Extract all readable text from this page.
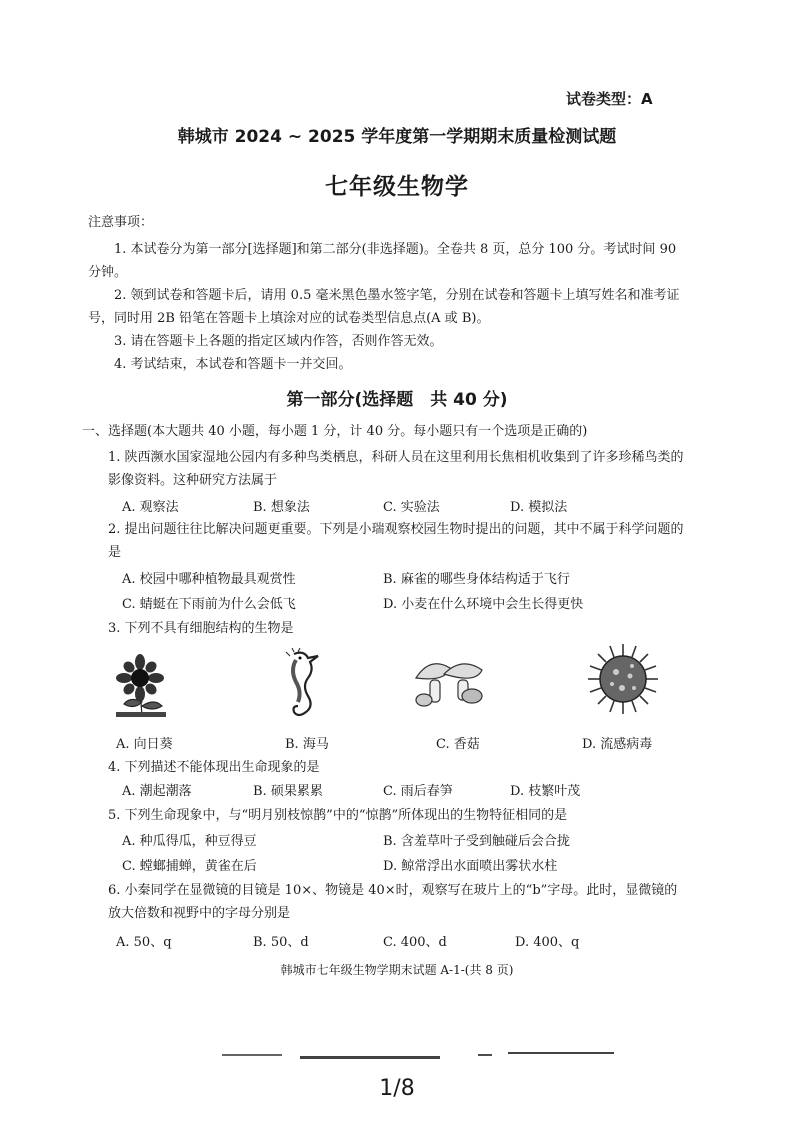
试卷类型：A
韩城市 2024 ~ 2025 学年度第一学期期末质量检测试题
七年级生物学
注意事项：
1. 本试卷分为第一部分[选择题]和第二部分(非选择题)。全卷共 8 页，总分 100 分。考试时间 90 分钟。
2. 领到试卷和答题卡后，请用 0.5 毫米黑色墨水签字笔，分别在试卷和答题卡上填写姓名和准考证号，同时用 2B 铅笔在答题卡上填涂对应的试卷类型信息点(A 或 B)。
3. 请在答题卡上各题的指定区域内作答，否则作答无效。
4. 考试结束，本试卷和答题卡一并交回。
第一部分(选择题　共 40 分)
一、选择题(本大题共 40 小题，每小题 1 分，计 40 分。每小题只有一个选项是正确的)
1. 陕西濒水国家湿地公园内有多种鸟类栖息，科研人员在这里利用长焦相机收集到了许多珍稀鸟类的影像资料。这种研究方法属于
A. 观察法	B. 想象法	C. 实验法	D. 模拟法
2. 提出问题往往比解决问题更重要。下列是小瑞观察校园生物时提出的问题，其中不属于科学问题的是
A. 校园中哪种植物最具观赏性	B. 麻雀的哪些身体结构适于飞行
C. 蜻蜓在下雨前为什么会低飞	D. 小麦在什么环境中会生长得更快
3. 下列不具有细胞结构的生物是
A. 向日葵	B. 海马	C. 香菇	D. 流感病毒
4. 下列描述不能体现出生命现象的是
A. 潮起潮落	B. 硕果累累	C. 雨后春笋	D. 枝繁叶茂
5. 下列生命现象中，与“明月别枝惊鹊”中的“惊鹊”所体现出的生物特征相同的是
A. 种瓜得瓜，种豆得豆	B. 含羞草叶子受到触碰后会合拢
C. 螳螂捕蝉，黄雀在后	D. 鲸常浮出水面喷出雾状水柱
6. 小秦同学在显微镜的目镜是 10×、物镜是 40×时，观察写在玻片上的“b”字母。此时，显微镜的放大倍数和视野中的字母分别是
A. 50、q	B. 50、d	C. 400、d	D. 400、q
韩城市七年级生物学期末试题 A-1-(共 8 页)
1/8
